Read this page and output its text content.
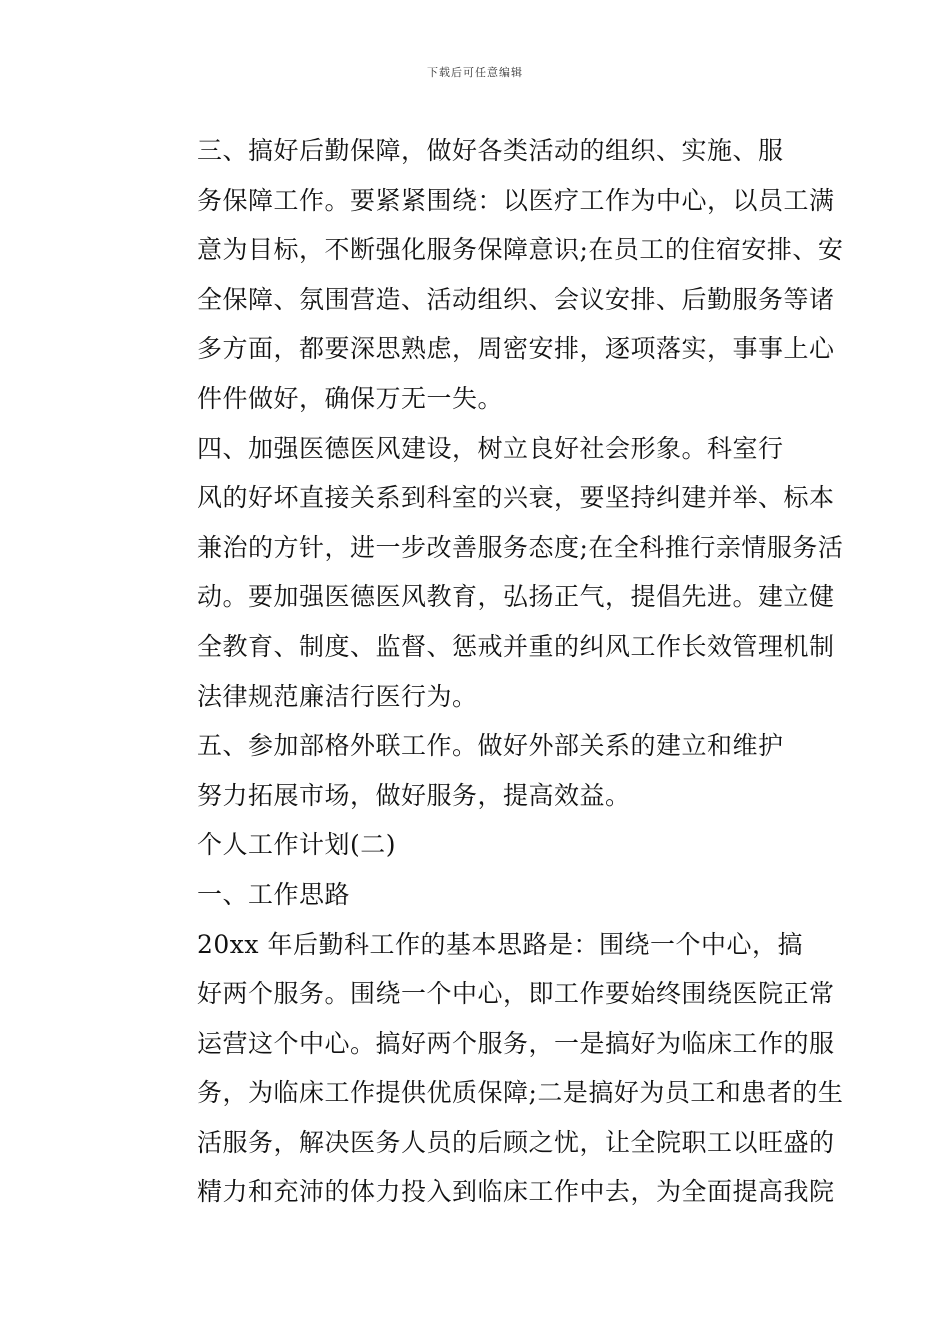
下载后可任意编辑

三、搞好后勤保障，做好各类活动的组织、实施、服
务保障工作。要紧紧围绕：以医疗工作为中心，以员工满
意为目标，不断强化服务保障意识;在员工的住宿安排、安
全保障、氛围营造、活动组织、会议安排、后勤服务等诸
多方面，都要深思熟虑，周密安排，逐项落实，事事上心
件件做好，确保万无一失。

四、加强医德医风建设，树立良好社会形象。科室行
风的好坏直接关系到科室的兴衰，要坚持纠建并举、标本
兼治的方针，进一步改善服务态度;在全科推行亲情服务活
动。要加强医德医风教育，弘扬正气，提倡先进。建立健
全教育、制度、监督、惩戒并重的纠风工作长效管理机制
法律规范廉洁行医行为。

五、参加部格外联工作。做好外部关系的建立和维护
努力拓展市场，做好服务，提高效益。

个人工作计划(二)

一、工作思路

20xx 年后勤科工作的基本思路是：围绕一个中心，搞
好两个服务。围绕一个中心，即工作要始终围绕医院正常
运营这个中心。搞好两个服务，一是搞好为临床工作的服
务，为临床工作提供优质保障;二是搞好为员工和患者的生
活服务，解决医务人员的后顾之忧，让全院职工以旺盛的
精力和充沛的体力投入到临床工作中去，为全面提高我院
